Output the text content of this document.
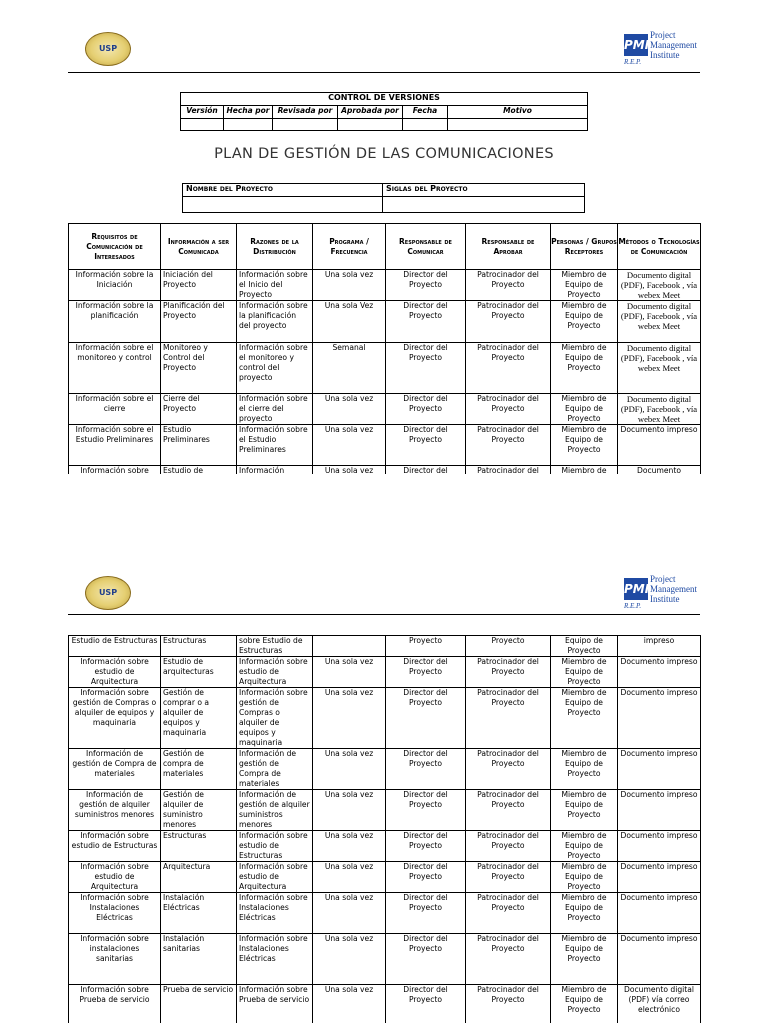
USP	PMI
Project
Management
Institute
R.E.P.
CONTROL DE VERSIONES					
Versión	Hecha por	Revisada por	Aprobada por	Fecha	Motivo

PLAN DE GESTIÓN DE LAS COMUNICACIONES
Nombre del Proyecto	Siglas del Proyecto

Requisitos de Comunicación de Interesados	Información a ser Comunicada	Razones de la Distribución	Programa / Frecuencia	Responsable de Comunicar	Responsable de Aprobar	Personas / Grupos Receptores	Métodos o Tecnologías de Comunicación
Información sobre la Iniciación	Iniciación del Proyecto	Información sobre el Inicio del Proyecto	Una sola vez	Director del Proyecto	Patrocinador del Proyecto	Miembro de Equipo de Proyecto	Documento digital (PDF), Facebook , vía webex Meet
Información sobre la planificación	Planificación del Proyecto	Información sobre la planificación del proyecto	Una sola Vez	Director del Proyecto	Patrocinador del Proyecto	Miembro de Equipo de Proyecto	Documento digital (PDF), Facebook , vía webex Meet
Información sobre el monitoreo y control	Monitoreo y Control del Proyecto	Información sobre el monitoreo y control del proyecto	Semanal	Director del Proyecto	Patrocinador del Proyecto	Miembro de Equipo de Proyecto	Documento digital (PDF), Facebook , vía webex Meet
Información sobre el cierre	Cierre del Proyecto	Información sobre el cierre del proyecto	Una sola vez	Director del Proyecto	Patrocinador del Proyecto	Miembro de Equipo de Proyecto	Documento digital (PDF), Facebook , vía webex Meet
Información sobre el Estudio Preliminares	Estudio Preliminares	Información sobre el Estudio Preliminares	Una sola vez	Director del Proyecto	Patrocinador del Proyecto	Miembro de Equipo de Proyecto	Documento impreso
Información sobre	Estudio de	Información	Una sola vez	Director del	Patrocinador del	Miembro de	Documento
USP	PMI
Project
Management
Institute
R.E.P.
Estudio de Estructuras	Estructuras	sobre Estudio de Estructuras		Proyecto	Proyecto	Equipo de Proyecto	impreso
Información sobre estudio de Arquitectura	Estudio de arquitecturas	Información sobre estudio de Arquitectura	Una sola vez	Director del Proyecto	Patrocinador del Proyecto	Miembro de Equipo de Proyecto	Documento impreso
Información sobre gestión de Compras o alquiler de equipos y maquinaria	Gestión de comprar o a alquiler de equipos y maquinaria	Información sobre gestión de Compras o alquiler de equipos y maquinaria	Una sola vez	Director del Proyecto	Patrocinador del Proyecto	Miembro de Equipo de Proyecto	Documento impreso
Información de gestión de Compra de materiales	Gestión de compra de materiales	Información de gestión de Compra de materiales	Una sola vez	Director del Proyecto	Patrocinador del Proyecto	Miembro de Equipo de Proyecto	Documento impreso
Información de gestión de alquiler suministros menores	Gestión de alquiler de suministro menores	Información de gestión de alquiler suministros menores	Una sola vez	Director del Proyecto	Patrocinador del Proyecto	Miembro de Equipo de Proyecto	Documento impreso
Información sobre estudio de Estructuras	Estructuras	Información sobre estudio de Estructuras	Una sola vez	Director del Proyecto	Patrocinador del Proyecto	Miembro de Equipo de Proyecto	Documento impreso
Información sobre estudio de Arquitectura	Arquitectura	Información sobre estudio de Arquitectura	Una sola vez	Director del Proyecto	Patrocinador del Proyecto	Miembro de Equipo de Proyecto	Documento impreso
Información sobre Instalaciones Eléctricas	Instalación Eléctricas	Información sobre Instalaciones Eléctricas	Una sola vez	Director del Proyecto	Patrocinador del Proyecto	Miembro de Equipo de Proyecto	Documento impreso
Información sobre instalaciones sanitarias	Instalación sanitarias	Información sobre Instalaciones Eléctricas	Una sola vez	Director del Proyecto	Patrocinador del Proyecto	Miembro de Equipo de Proyecto	Documento impreso
Información sobre Prueba de servicio	Prueba de servicio	Información sobre Prueba de servicio	Una sola vez	Director del Proyecto	Patrocinador del Proyecto	Miembro de Equipo de Proyecto	Documento digital (PDF) vía correo electrónico
